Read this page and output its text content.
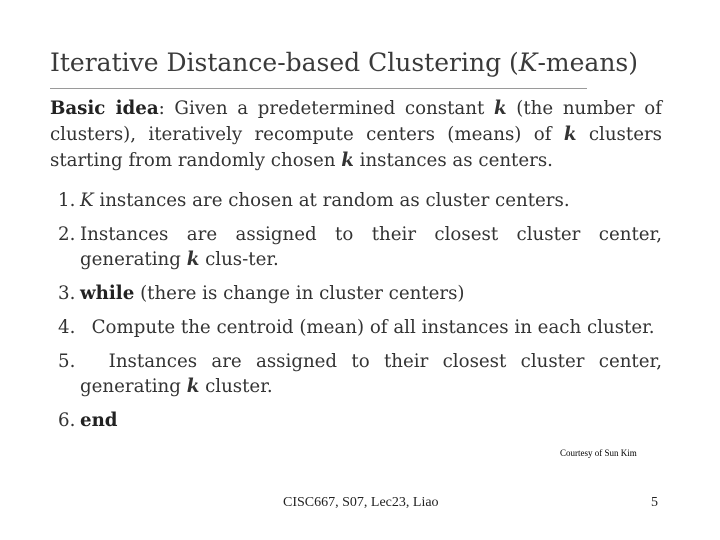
Iterative Distance-based Clustering (K-means)
Basic idea: Given a predetermined constant k (the number of clusters), iteratively recompute centers (means) of k clusters starting from randomly chosen k instances as centers.
1. K instances are chosen at random as cluster centers.
2. Instances are assigned to their closest cluster center, generating k clus-ter.
3. while (there is change in cluster centers)
4. Compute the centroid (mean) of all instances in each cluster.
5. Instances are assigned to their closest cluster center, generating k cluster.
6. end
Courtesy of Sun Kim
CISC667, S07, Lec23, Liao	5
